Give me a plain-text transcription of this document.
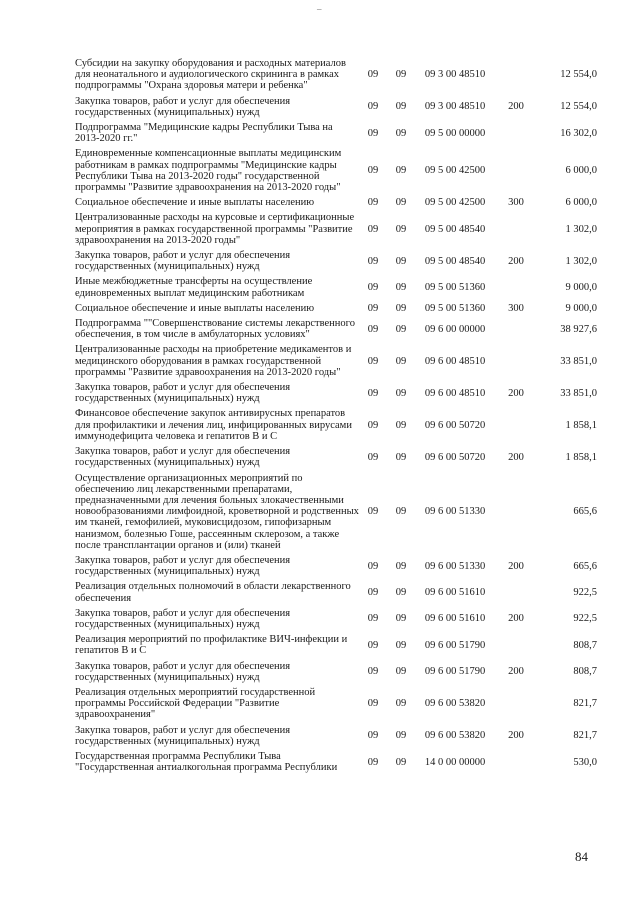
–
Субсидии на закупку оборудования и расходных материалов для неонатального и аудиологического скрининга в рамках подпрограммы "Охрана здоровья матери и ребенка"
09	09	09 3 00 48510	12 554,0
Закупка товаров, работ и услуг для обеспечения государственных (муниципальных) нужд
09	09	09 3 00 48510	200	12 554,0
Подпрограмма "Медицинские кадры Республики Тыва на 2013-2020 гг."
09	09	09 5 00 00000	16 302,0
Единовременные компенсационные выплаты медицинским работникам в рамках подпрограммы "Медицинские кадры Республики Тыва на 2013-2020 годы" государственной программы "Развитие здравоохранения на 2013-2020 годы"
09	09	09 5 00 42500	6 000,0
Социальное обеспечение и иные выплаты населению	09	09	09 5 00 42500	300	6 000,0
Централизованные расходы на курсовые и сертификационные мероприятия в рамках государственной программы "Развитие здравоохранения на 2013-2020 годы"
09	09	09 5 00 48540	1 302,0
Закупка товаров, работ и услуг для обеспечения государственных (муниципальных) нужд
09	09	09 5 00 48540	200	1 302,0
Иные межбюджетные трансферты на осуществление единовременных выплат медицинским работникам
09	09	09 5 00 51360	9 000,0
Социальное обеспечение и иные выплаты населению	09	09	09 5 00 51360	300	9 000,0
Подпрограмма ""Совершенствование системы лекарственного обеспечения, в том числе в амбулаторных условиях"
09	09	09 6 00 00000	38 927,6
Централизованные расходы на приобретение медикаментов и медицинского оборудования в рамках государственной программы "Развитие здравоохранения на 2013-2020 годы"
09	09	09 6 00 48510	33 851,0
Закупка товаров, работ и услуг для обеспечения государственных (муниципальных) нужд
09	09	09 6 00 48510	200	33 851,0
Финансовое обеспечение закупок антивирусных препаратов для профилактики и лечения лиц, инфицированных вирусами иммунодефицита человека и гепатитов В и С
09	09	09 6 00 50720	1 858,1
Закупка товаров, работ и услуг для обеспечения государственных (муниципальных) нужд
09	09	09 6 00 50720	200	1 858,1
Осуществление организационных мероприятий по обеспечению лиц лекарственными препаратами, предназначенными для лечения больных злокачественными новообразованиями лимфоидной, кроветворной и родственных им тканей, гемофилией, муковисцидозом, гипофизарным нанизмом, болезнью Гоше, рассеянным склерозом, а также после трансплантации органов и (или) тканей
09	09	09 6 00 51330	665,6
Закупка товаров, работ и услуг для обеспечения государственных (муниципальных) нужд
09	09	09 6 00 51330	200	665,6
Реализация отдельных полномочий в области лекарственного обеспечения
09	09	09 6 00 51610	922,5
Закупка товаров, работ и услуг для обеспечения государственных (муниципальных) нужд
09	09	09 6 00 51610	200	922,5
Реализация мероприятий по профилактике ВИЧ-инфекции и гепатитов В и С
09	09	09 6 00 51790	808,7
Закупка товаров, работ и услуг для обеспечения государственных (муниципальных) нужд
09	09	09 6 00 51790	200	808,7
Реализация отдельных мероприятий государственной программы Российской Федерации "Развитие здравоохранения"
09	09	09 6 00 53820	821,7
Закупка товаров, работ и услуг для обеспечения государственных (муниципальных) нужд
09	09	09 6 00 53820	200	821,7
Государственная программа Республики Тыва "Государственная антиалкогольная программа Республики
09	09	14 0 00 00000	530,0
84
